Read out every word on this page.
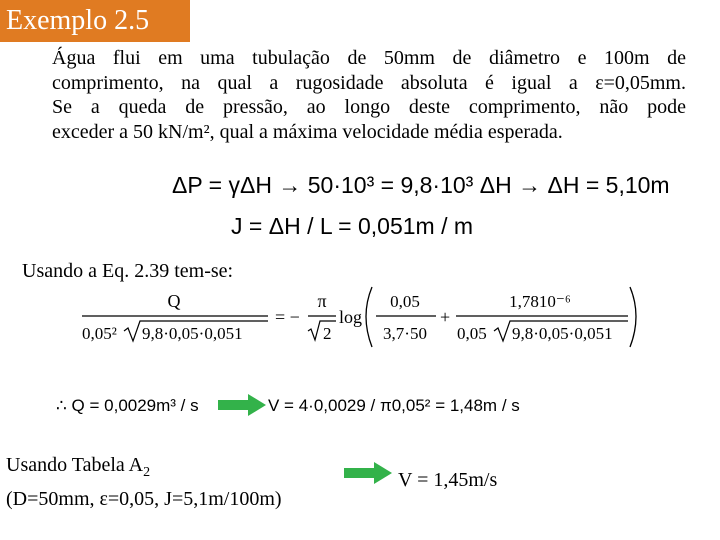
Exemplo 2.5
Água flui em uma tubulação de 50mm de diâmetro e 100m de
comprimento, na qual a rugosidade absoluta é igual a ε=0,05mm.
Se a queda de pressão, ao longo deste comprimento, não pode
exceder a 50 kN/m², qual a máxima velocidade média esperada.
ΔP = γΔH → 50·10³ = 9,8·10³ ΔH → ΔH = 5,10m
J = ΔH / L = 0,051m / m
Usando a Eq. 2.39 tem-se:
Q
0,05² 9,8·0,05·0,051
= −
π
2
log
0,05
3,7·50
+
1,7810⁻⁶
0,05 9,8·0,05·0,051
∴ Q = 0,0029m³ / s	V = 4·0,0029 / π0,05² = 1,48m / s
Usando Tabela $A_2$
(D=50mm, ε=0,05, J=5,1m/100m)
V = 1,45m/s
